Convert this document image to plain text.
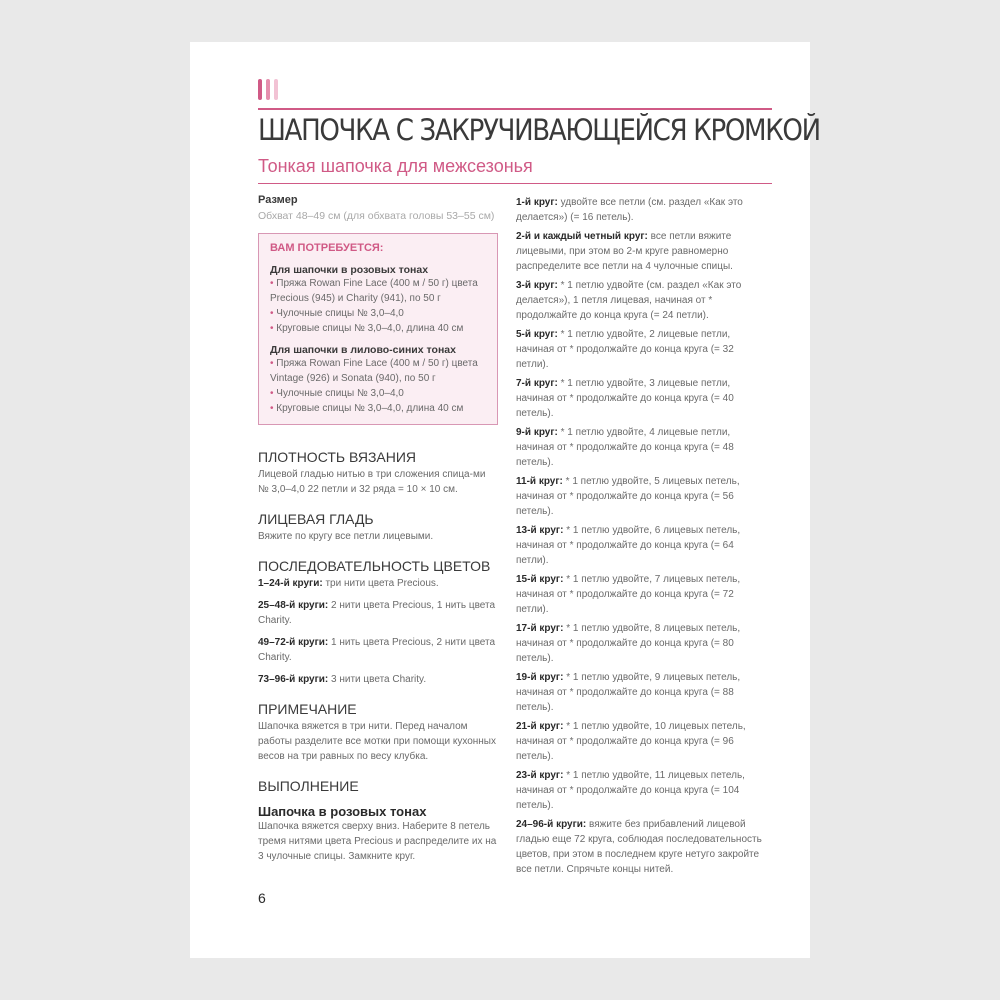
ШАПОЧКА С ЗАКРУЧИВАЮЩЕЙСЯ КРОМКОЙ
Тонкая шапочка для межсезонья
Размер
Обхват 48–49 см (для обхвата головы 53–55 см)
ВАМ ПОТРЕБУЕТСЯ:
Для шапочки в розовых тонах
• Пряжа Rowan Fine Lace (400 м / 50 г) цвета Precious (945) и Charity (941), по 50 г
• Чулочные спицы № 3,0–4,0
• Круговые спицы № 3,0–4,0, длина 40 см
Для шапочки в лилово-синих тонах
• Пряжа Rowan Fine Lace (400 м / 50 г) цвета Vintage (926) и Sonata (940), по 50 г
• Чулочные спицы № 3,0–4,0
• Круговые спицы № 3,0–4,0, длина 40 см
ПЛОТНОСТЬ ВЯЗАНИЯ
Лицевой гладью нитью в три сложения спица-ми № 3,0–4,0 22 петли и 32 ряда = 10 × 10 см.
ЛИЦЕВАЯ ГЛАДЬ
Вяжите по кругу все петли лицевыми.
ПОСЛЕДОВАТЕЛЬНОСТЬ ЦВЕТОВ
1–24-й круги: три нити цвета Precious.
25–48-й круги: 2 нити цвета Precious, 1 нить цвета Charity.
49–72-й круги: 1 нить цвета Precious, 2 нити цвета Charity.
73–96-й круги: 3 нити цвета Charity.
ПРИМЕЧАНИЕ
Шапочка вяжется в три нити. Перед началом работы разделите все мотки при помощи кухонных весов на три равных по весу клубка.
ВЫПОЛНЕНИЕ
Шапочка в розовых тонах
Шапочка вяжется сверху вниз. Наберите 8 петель тремя нитями цвета Precious и распределите их на 3 чулочные спицы. Замкните круг.
1-й круг: удвойте все петли (см. раздел «Как это делается») (= 16 петель).
2-й и каждый четный круг: все петли вяжите лицевыми, при этом во 2-м круге равномерно распределите все петли на 4 чулочные спицы.
3-й круг: * 1 петлю удвойте (см. раздел «Как это делается»), 1 петля лицевая, начиная от * продолжайте до конца круга (= 24 петли).
5-й круг: * 1 петлю удвойте, 2 лицевые петли, начиная от * продолжайте до конца круга (= 32 петли).
7-й круг: * 1 петлю удвойте, 3 лицевые петли, начиная от * продолжайте до конца круга (= 40 петель).
9-й круг: * 1 петлю удвойте, 4 лицевые петли, начиная от * продолжайте до конца круга (= 48 петель).
11-й круг: * 1 петлю удвойте, 5 лицевых петель, начиная от * продолжайте до конца круга (= 56 петель).
13-й круг: * 1 петлю удвойте, 6 лицевых петель, начиная от * продолжайте до конца круга (= 64 петли).
15-й круг: * 1 петлю удвойте, 7 лицевых петель, начиная от * продолжайте до конца круга (= 72 петли).
17-й круг: * 1 петлю удвойте, 8 лицевых петель, начиная от * продолжайте до конца круга (= 80 петель).
19-й круг: * 1 петлю удвойте, 9 лицевых петель, начиная от * продолжайте до конца круга (= 88 петель).
21-й круг: * 1 петлю удвойте, 10 лицевых петель, начиная от * продолжайте до конца круга (= 96 петель).
23-й круг: * 1 петлю удвойте, 11 лицевых петель, начиная от * продолжайте до конца круга (= 104 петель).
24–96-й круги: вяжите без прибавлений лицевой гладью еще 72 круга, соблюдая последовательность цветов, при этом в последнем круге нетугo закройте все петли. Спрячьте концы нитей.
6
